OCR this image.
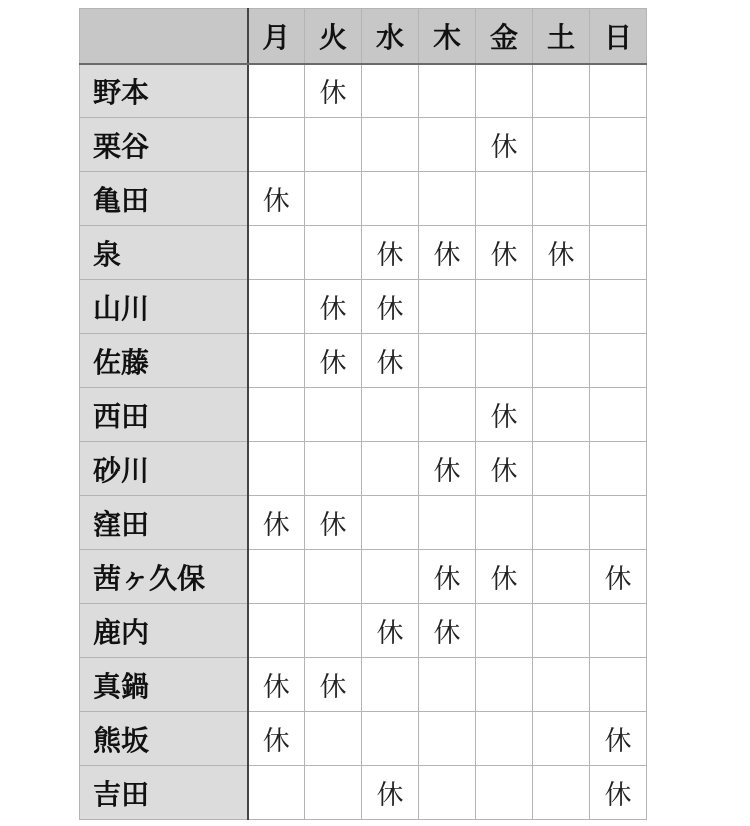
	月	火	水	木	金	土	日
野本		休					
栗谷					休		
亀田	休						
泉			休	休	休	休	
山川		休	休				
佐藤		休	休				
西田					休		
砂川				休	休		
窪田	休	休					
茜ヶ久保				休	休		休
鹿内			休	休			
真鍋	休	休					
熊坂	休						休
吉田			休				休
